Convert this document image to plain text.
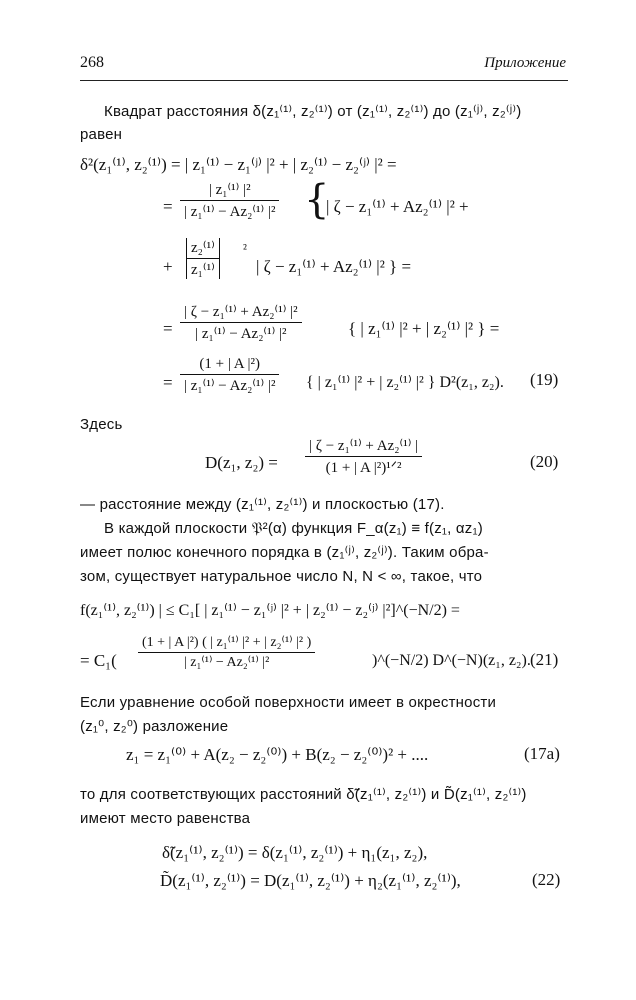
268	Приложение
Квадрат расстояния δ(z₁⁽¹⁾, z₂⁽¹⁾) от (z₁⁽¹⁾, z₂⁽¹⁾) до (z₁⁽ʲ⁾, z₂⁽ʲ⁾)
равен
δ²(z₁⁽¹⁾, z₂⁽¹⁾) = | z₁⁽¹⁾ − z₁⁽ʲ⁾ |² + | z₂⁽¹⁾ − z₂⁽ʲ⁾ |² =
= $\frac{\text{| z₁⁽¹⁾ |²}}{\text{| z₁⁽¹⁾ − Az₂⁽¹⁾ |²}}$ {
| ζ − z₁⁽¹⁾ + Az₂⁽¹⁾ |² +
+ $\frac{\text{z₂⁽¹⁾}}{\text{z₁⁽¹⁾}} ^2$
| ζ − z₁⁽¹⁾ + Az₂⁽¹⁾ |² } =
= $\frac{\text{| ζ − z₁⁽¹⁾ + Az₂⁽¹⁾ |²}}{\text{| z₁⁽¹⁾ − Az₂⁽¹⁾ |²}}$	{ | z₁⁽¹⁾ |² + | z₂⁽¹⁾ |² } =
= $\frac{\text{(1 + | A |²)}}{\text{| z₁⁽¹⁾ − Az₂⁽¹⁾ |²}}$ { | z₁⁽¹⁾ |² + | z₂⁽¹⁾ |² } D²(z₁, z₂). (19)
Здесь
D(z₁, z₂) =
| ζ − z₁⁽¹⁾ + Az₂⁽¹⁾ |
(1 + | A |²)¹ᐟ²	(20)
— расстояние между (z₁⁽¹⁾, z₂⁽¹⁾) и плоскостью (17).
В каждой плоскости 𝔓²(α) функция F_α(z₁) ≡ f(z₁, αz₁)
имеет полюс конечного порядка в (z₁⁽ʲ⁾, z₂⁽ʲ⁾). Таким обра-
зом, существует натуральное число N, N < ∞, такое, что
f(z₁⁽¹⁾, z₂⁽¹⁾) | ≤ C₁[ | z₁⁽¹⁾ − z₁⁽ʲ⁾ |² + | z₂⁽¹⁾ − z₂⁽ʲ⁾ |²]^(−N/2) =
= $C_1( \frac{\text{(1 + | A |²) ( | z₁⁽¹⁾ |² + | z₂⁽¹⁾ |² )}}{\text{| z₁⁽¹⁾ − Az₂⁽¹⁾ |²}}$	)^(−N/2) D^(−N)(z₁, z₂). (21)
Если уравнение особой поверхности имеет в окрестности
(z₁⁰, z₂⁰) разложение
z₁ = z₁⁽⁰⁾ + A(z₂ − z₂⁽⁰⁾) + B(z₂ − z₂⁽⁰⁾)² + ....	(17a)
то для соответствующих расстояний δ̃(z₁⁽¹⁾, z₂⁽¹⁾) и D̃(z₁⁽¹⁾, z₂⁽¹⁾)
имеют место равенства
δ̃(z₁⁽¹⁾, z₂⁽¹⁾) = δ(z₁⁽¹⁾, z₂⁽¹⁾) + η₁(z₁, z₂),
D̃(z₁⁽¹⁾, z₂⁽¹⁾) = D(z₁⁽¹⁾, z₂⁽¹⁾) + η₂(z₁⁽¹⁾, z₂⁽¹⁾),	(22)
